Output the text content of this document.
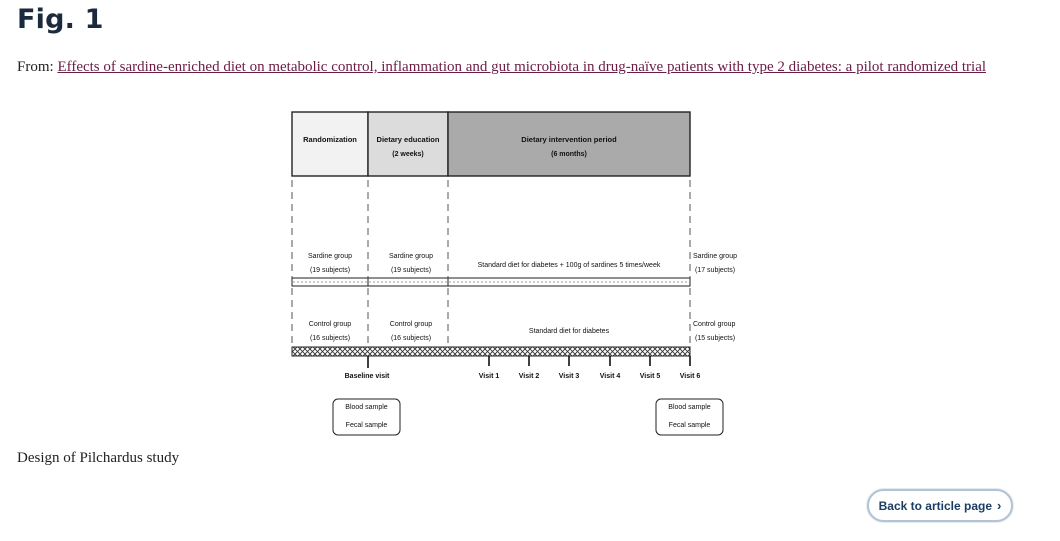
Fig. 1
From: Effects of sardine-enriched diet on metabolic control, inflammation and gut microbiota in drug-naïve patients with type 2 diabetes: a pilot randomized trial
Randomization	Dietary education
(2 weeks)
Dietary intervention period
(6 months)
Sardine group
(19 subjects)
Sardine group
(19 subjects)
Standard diet for diabetes + 100g of sardines 5 times/week
Sardine group
(17 subjects)
Control group
(16 subjects)
Control group
(16 subjects)
Standard diet for diabetes
Control group
(15 subjects)
Baseline visit	Visit 1	Visit 2	Visit 3	Visit 4	Visit 5	Visit 6
Blood sample
Fecal sample
Blood sample
Fecal sample
Design of Pilchardus study
Back to article page ›
